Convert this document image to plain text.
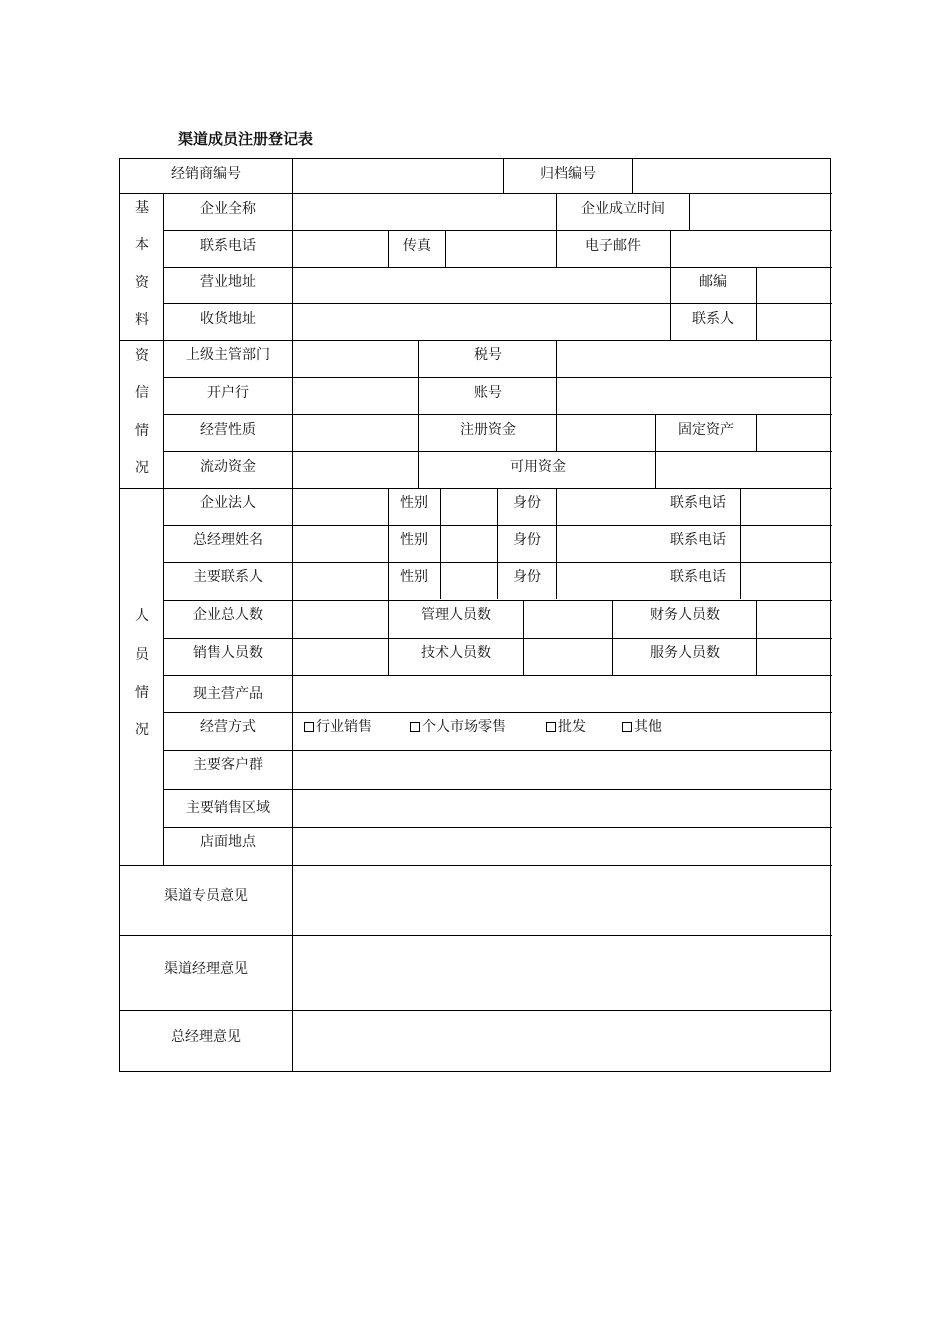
渠道成员注册登记表
经销商编号	归档编号
基
本
资
料
企业全称	企业成立时间
联系电话	传真	电子邮件
营业地址	邮编
收货地址	联系人
资
信
情
况
上级主管部门	税号
开户行	账号
经营性质	注册资金	固定资产
流动资金	可用资金
人
员
情
况
企业法人	性别	身份	联系电话
总经理姓名	性别	身份	联系电话
主要联系人	性别	身份	联系电话
企业总人数	管理人员数	财务人员数
销售人员数	技术人员数	服务人员数
现主营产品
经营方式	行业销售	个人市场零售	批发	其他
主要客户群
主要销售区域
店面地点
渠道专员意见
渠道经理意见
总经理意见
